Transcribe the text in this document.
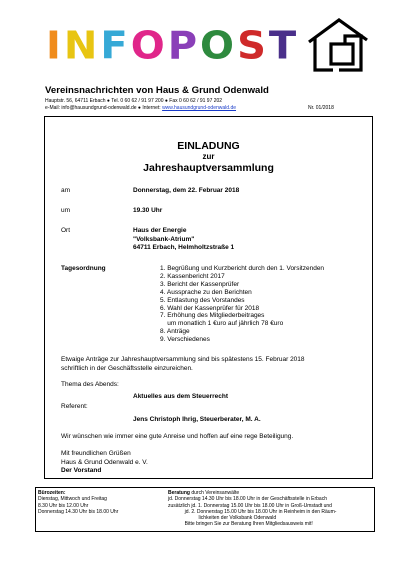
INFOPOST
Vereinsnachrichten von Haus & Grund Odenwald
Hauptstr. 56, 64711 Erbach ● Tel. 0 60 62 / 91 97 200 ● Fax 0 60 62 / 91 97 202
e-Mail: info@hausundgrund-odenwald.de ● Internet: www.hausundgrund-odenwald.de	Nr. 01/2018
EINLADUNG
zur
Jahreshauptversammlung
am	Donnerstag, dem 22. Februar 2018
um	19.30 Uhr
Ort	Haus der Energie
"Volksbank-Atrium"
64711 Erbach, Helmholtzstraße 1
Tagesordnung	1. Begrüßung und Kurzbericht durch den 1. Vorsitzenden
2. Kassenbericht 2017
3. Bericht der Kassenprüfer
4. Aussprache zu den Berichten
5. Entlastung des Vorstandes
6. Wahl der Kassenprüfer für 2018
7. Erhöhung des Mitgliederbeitrages
um monatlich 1 €uro auf jährlich 78 €uro
8. Anträge
9. Verschiedenes
Etwaige Anträge zur Jahreshauptversammlung sind bis spätestens 15. Februar 2018
schriftlich in der Geschäftsstelle einzureichen.
Thema des Abends:
Aktuelles aus dem Steuerrecht
Referent:
Jens Christoph Ihrig, Steuerberater, M. A.
Wir wünschen wie immer eine gute Anreise und hoffen auf eine rege Beteiligung.
Mit freundlichen Grüßen
Haus & Grund Odenwald e. V.
Der Vorstand
Bürozeiten:
Dienstag, Mittwoch und Freitag
8.30 Uhr bis 12.00 Uhr
Donnerstag 14.30 Uhr bis 18.00 Uhr
Beratung durch Vereinsanwälte
jd. Donnerstag 14.30 Uhr bis 18.00 Uhr in der Geschäftsstelle in Erbach
zusätzlich jd. 1. Donnerstag 15.00 Uhr bis 18.00 Uhr in Groß-Umstadt und
jd. 2. Donnerstag 15.00 Uhr bis 18.00 Uhr in Reinheim in den Räum-
lichkeiten der Volksbank Odenwald
Bitte bringen Sie zur Beratung Ihren Mitgliedsausweis mit!
